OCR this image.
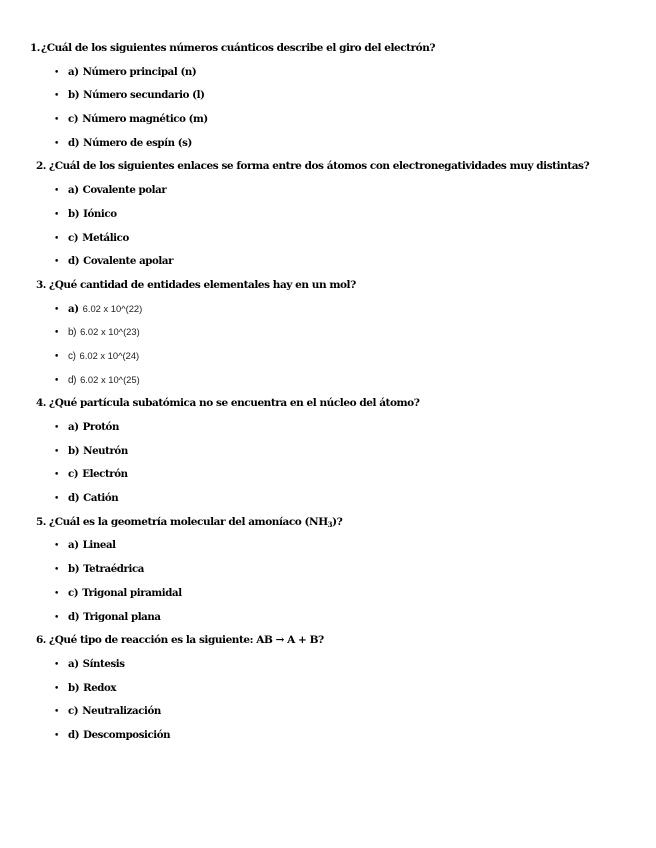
1. ¿Cuál de los siguientes números cuánticos describe el giro del electrón?
• a) Número principal (n)
• b) Número secundario (l)
• c) Número magnético (m)
• d) Número de espín (s)
2. ¿Cuál de los siguientes enlaces se forma entre dos átomos con electronegatividades muy distintas?
• a) Covalente polar
• b) Iónico
• c) Metálico
• d) Covalente apolar
3. ¿Qué cantidad de entidades elementales hay en un mol?
• a) 6.02 x 10^(22)
• b) 6.02 x 10^(23)
• c) 6.02 x 10^(24)
• d) 6.02 x 10^(25)
4. ¿Qué partícula subatómica no se encuentra en el núcleo del átomo?
• a) Protón
• b) Neutrón
• c) Electrón
• d) Catión
5. ¿Cuál es la geometría molecular del amoníaco $(NH_3)$?
• a) Lineal
• b) Tetraédrica
• c) Trigonal piramidal
• d) Trigonal plana
6. ¿Qué tipo de reacción es la siguiente: AB → A + B?
• a) Síntesis
• b) Redox
• c) Neutralización
• d) Descomposición
